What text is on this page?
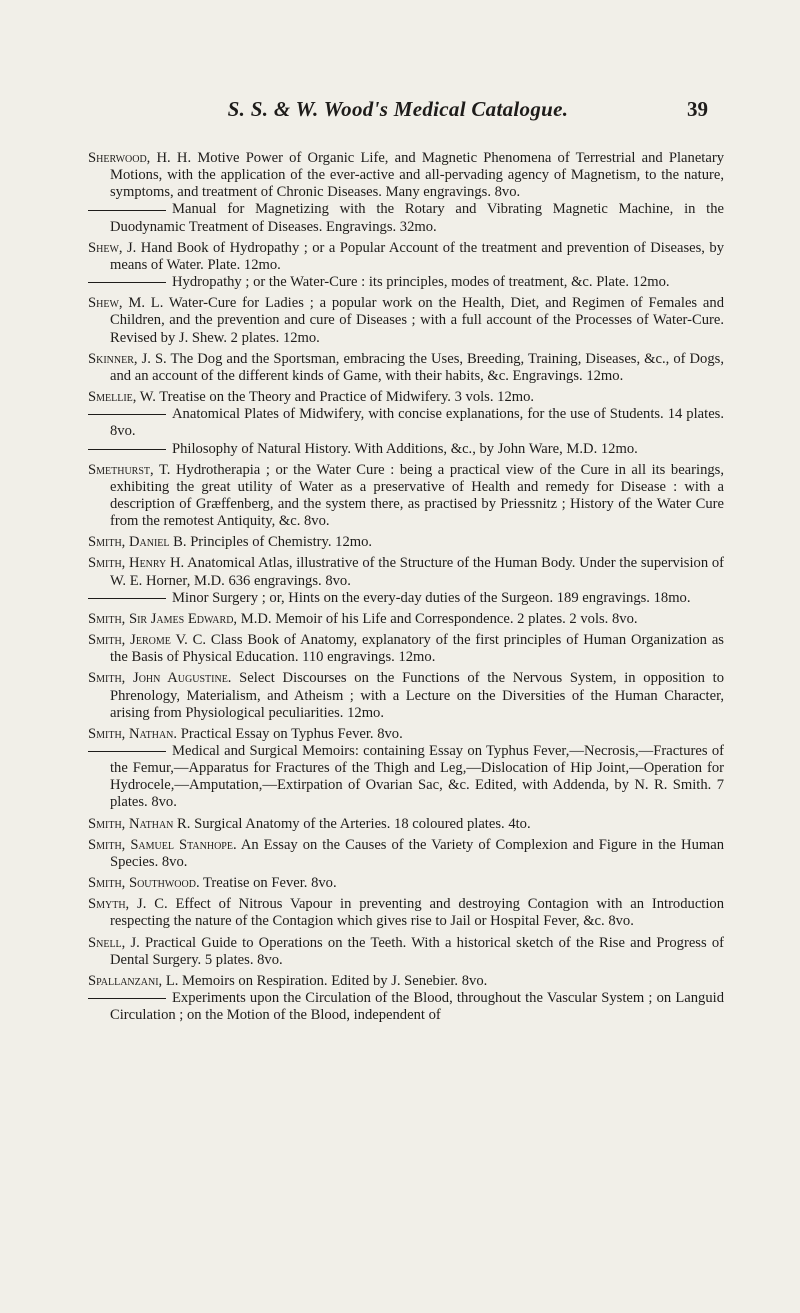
S. S. & W. Wood's Medical Catalogue.	39

Sherwood, H. H. Motive Power of Organic Life, and Magnetic Phenomena of Terrestrial and Planetary Motions, with the application of the ever-active and all-pervading agency of Magnetism, to the nature, symptoms, and treatment of Chronic Diseases. Many engravings. 8vo.

Manual for Magnetizing with the Rotary and Vibrating Magnetic Machine, in the Duodynamic Treatment of Diseases. Engravings. 32mo.

Shew, J. Hand Book of Hydropathy ; or a Popular Account of the treatment and prevention of Diseases, by means of Water. Plate. 12mo.

Hydropathy ; or the Water-Cure : its principles, modes of treatment, &c. Plate. 12mo.

Shew, M. L. Water-Cure for Ladies ; a popular work on the Health, Diet, and Regimen of Females and Children, and the prevention and cure of Diseases ; with a full account of the Processes of Water-Cure. Revised by J. Shew. 2 plates. 12mo.

Skinner, J. S. The Dog and the Sportsman, embracing the Uses, Breeding, Training, Diseases, &c., of Dogs, and an account of the different kinds of Game, with their habits, &c. Engravings. 12mo.

Smellie, W. Treatise on the Theory and Practice of Midwifery. 3 vols. 12mo.

Anatomical Plates of Midwifery, with concise explanations, for the use of Students. 14 plates. 8vo.

Philosophy of Natural History. With Additions, &c., by John Ware, M.D. 12mo.

Smethurst, T. Hydrotherapia ; or the Water Cure : being a practical view of the Cure in all its bearings, exhibiting the great utility of Water as a preservative of Health and remedy for Disease : with a description of Græffenberg, and the system there, as practised by Priessnitz ; History of the Water Cure from the remotest Antiquity, &c. 8vo.

Smith, Daniel B. Principles of Chemistry. 12mo.

Smith, Henry H. Anatomical Atlas, illustrative of the Structure of the Human Body. Under the supervision of W. E. Horner, M.D. 636 engravings. 8vo.

Minor Surgery ; or, Hints on the every-day duties of the Surgeon. 189 engravings. 18mo.

Smith, Sir James Edward, M.D. Memoir of his Life and Correspondence. 2 plates. 2 vols. 8vo.

Smith, Jerome V. C. Class Book of Anatomy, explanatory of the first principles of Human Organization as the Basis of Physical Education. 110 engravings. 12mo.

Smith, John Augustine. Select Discourses on the Functions of the Nervous System, in opposition to Phrenology, Materialism, and Atheism ; with a Lecture on the Diversities of the Human Character, arising from Physiological peculiarities. 12mo.

Smith, Nathan. Practical Essay on Typhus Fever. 8vo.

Medical and Surgical Memoirs: containing Essay on Typhus Fever,—Necrosis,—Fractures of the Femur,—Apparatus for Fractures of the Thigh and Leg,—Dislocation of Hip Joint,—Operation for Hydrocele,—Amputation,—Extirpation of Ovarian Sac, &c. Edited, with Addenda, by N. R. Smith. 7 plates. 8vo.

Smith, Nathan R. Surgical Anatomy of the Arteries. 18 coloured plates. 4to.

Smith, Samuel Stanhope. An Essay on the Causes of the Variety of Complexion and Figure in the Human Species. 8vo.

Smith, Southwood. Treatise on Fever. 8vo.

Smyth, J. C. Effect of Nitrous Vapour in preventing and destroying Contagion with an Introduction respecting the nature of the Contagion which gives rise to Jail or Hospital Fever, &c. 8vo.

Snell, J. Practical Guide to Operations on the Teeth. With a historical sketch of the Rise and Progress of Dental Surgery. 5 plates. 8vo.

Spallanzani, L. Memoirs on Respiration. Edited by J. Senebier. 8vo.

Experiments upon the Circulation of the Blood, throughout the Vascular System ; on Languid Circulation ; on the Motion of the Blood, independent of
